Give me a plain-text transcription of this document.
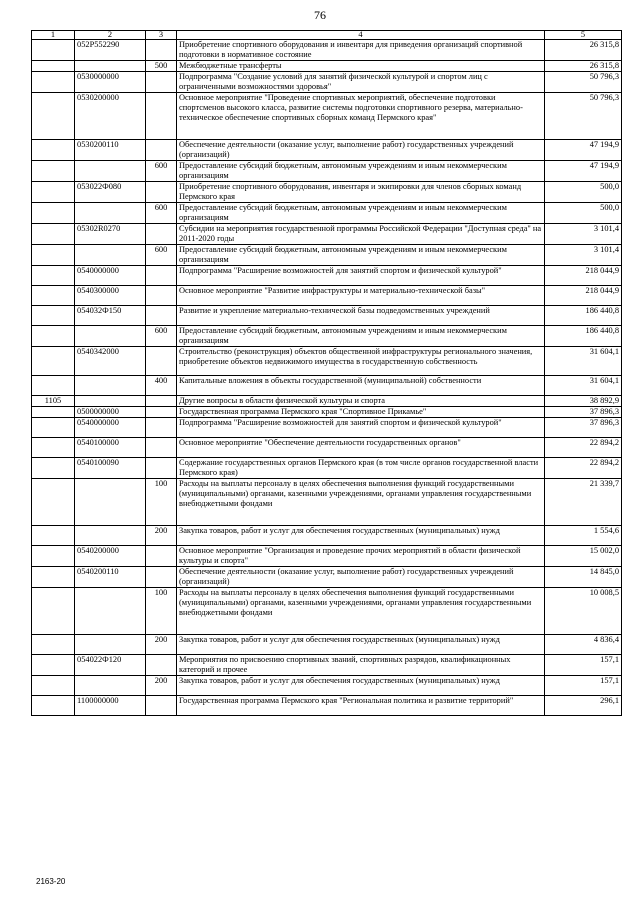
76
1	2	3	4	5
	052Р552290		Приобретение спортивного оборудования и инвентаря для приведения организаций спортивной подготовки в нормативное состояние	26 315,8
		500	Межбюджетные трансферты	26 315,8
	0530000000		Подпрограмма "Создание условий для занятий физической культурой и спортом лиц с ограниченными возможностями здоровья"	50 796,3
	0530200000		Основное мероприятие "Проведение спортивных мероприятий, обеспечение подготовки спортсменов высокого класса, развитие системы подготовки спортивного резерва, материально-техническое обеспечение спортивных сборных команд Пермского края"	50 796,3
	0530200110		Обеспечение деятельности (оказание услуг, выполнение работ) государственных учреждений (организаций)	47 194,9
		600	Предоставление субсидий бюджетным, автономным учреждениям и иным некоммерческим организациям	47 194,9
	053022Ф080		Приобретение спортивного оборудования, инвентаря и экипировки для членов сборных команд Пермского края	500,0
		600	Предоставление субсидий бюджетным, автономным учреждениям и иным некоммерческим организациям	500,0
	05302R0270		Субсидии на мероприятия государственной программы Российской Федерации "Доступная среда" на 2011-2020 годы	3 101,4
		600	Предоставление субсидий бюджетным, автономным учреждениям и иным некоммерческим организациям	3 101,4
	0540000000		Подпрограмма "Расширение возможностей для занятий спортом и физической культурой"	218 044,9
	0540300000		Основное мероприятие "Развитие инфраструктуры и материально-технической базы"	218 044,9
	054032Ф150		Развитие и укрепление материально-технической базы подведомственных учреждений	186 440,8
		600	Предоставление субсидий бюджетным, автономным учреждениям и иным некоммерческим организациям	186 440,8
	0540342000		Строительство (реконструкция) объектов общественной инфраструктуры регионального значения, приобретение объектов недвижимого имущества в государственную собственность	31 604,1
		400	Капитальные вложения в объекты государственной (муниципальной) собственности	31 604,1
1105			Другие вопросы в области физической культуры и спорта	38 892,9
	0500000000		Государственная программа Пермского края "Спортивное Прикамье"	37 896,3
	0540000000		Подпрограмма "Расширение возможностей для занятий спортом и физической культурой"	37 896,3
	0540100000		Основное мероприятие "Обеспечение деятельности государственных органов"	22 894,2
	0540100090		Содержание государственных органов Пермского края (в том числе органов государственной власти Пермского края)	22 894,2
		100	Расходы на выплаты персоналу в целях обеспечения выполнения функций государственными (муниципальными) органами, казенными учреждениями, органами управления государственными внебюджетными фондами	21 339,7
		200	Закупка товаров, работ и услуг для обеспечения государственных (муниципальных) нужд	1 554,6
	0540200000		Основное мероприятие "Организация и проведение прочих мероприятий в области физической культуры и спорта"	15 002,0
	0540200110		Обеспечение деятельности (оказание услуг, выполнение работ) государственных учреждений (организаций)	14 845,0
		100	Расходы на выплаты персоналу в целях обеспечения выполнения функций государственными (муниципальными) органами, казенными учреждениями, органами управления государственными внебюджетными фондами	10 008,5
		200	Закупка товаров, работ и услуг для обеспечения государственных (муниципальных) нужд	4 836,4
	054022Ф120		Мероприятия по присвоению спортивных званий, спортивных разрядов, квалификационных категорий и прочее	157,1
		200	Закупка товаров, работ и услуг для обеспечения государственных (муниципальных) нужд	157,1
	1100000000		Государственная программа Пермского края "Региональная политика и развитие территорий"	296,1
2163-20
